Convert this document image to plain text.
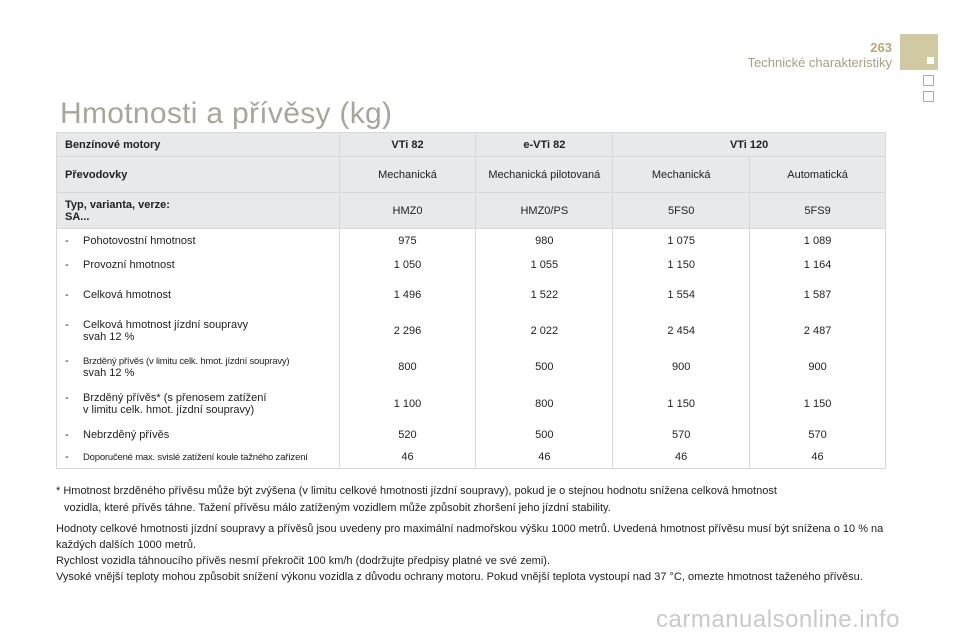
263
Technické charakteristiky
Hmotnosti a přívěsy (kg)
Benzínové motory	VTi 82	e-VTi 82	VTi 120	
Převodovky	Mechanická	Mechanická pilotovaná	Mechanická	Automatická
Typ, varianta, verze:
SA...	HMZ0	HMZ0/PS	5FS0	5FS9
- Pohotovostní hmotnost	975	980	1 075	1 089
- Provozní hmotnost	1 050	1 055	1 150	1 164
- Celková hmotnost	1 496	1 522	1 554	1 587
- Celková hmotnost jízdní soupravy
svah 12 %	2 296	2 022	2 454	2 487
- Brzděný přívěs (v limitu celk. hmot. jízdní soupravy)
svah 12 %	800	500	900	900
- Brzděný přívěs* (s přenosem zatížení
v limitu celk. hmot. jízdní soupravy)	1 100	800	1 150	1 150
- Nebrzděný přívěs	520	500	570	570
- Doporučené max. svislé zatížení koule tažného zařízení	46	46	46	46
* Hmotnost brzděného přívěsu může být zvýšena (v limitu celkové hmotnosti jízdní soupravy), pokud je o stejnou hodnotu snížena celková hmotnost
vozidla, které přívěs táhne. Tažení přívěsu málo zatíženým vozidlem může způsobit zhoršení jeho jízdní stability.

Hodnoty celkové hmotnosti jízdní soupravy a přívěsů jsou uvedeny pro maximální nadmořskou výšku 1000 metrů. Uvedená hmotnost přívěsu musí být snížena o 10 % na každých dalších 1000 metrů.

Rychlost vozidla táhnoucího přívěs nesmí překročit 100 km/h (dodržujte předpisy platné ve své zemi).

Vysoké vnější teploty mohou způsobit snížení výkonu vozidla z důvodu ochrany motoru. Pokud vnější teplota vystoupí nad 37 °C, omezte hmotnost taženého přívěsu.

carmanualsonline.info
